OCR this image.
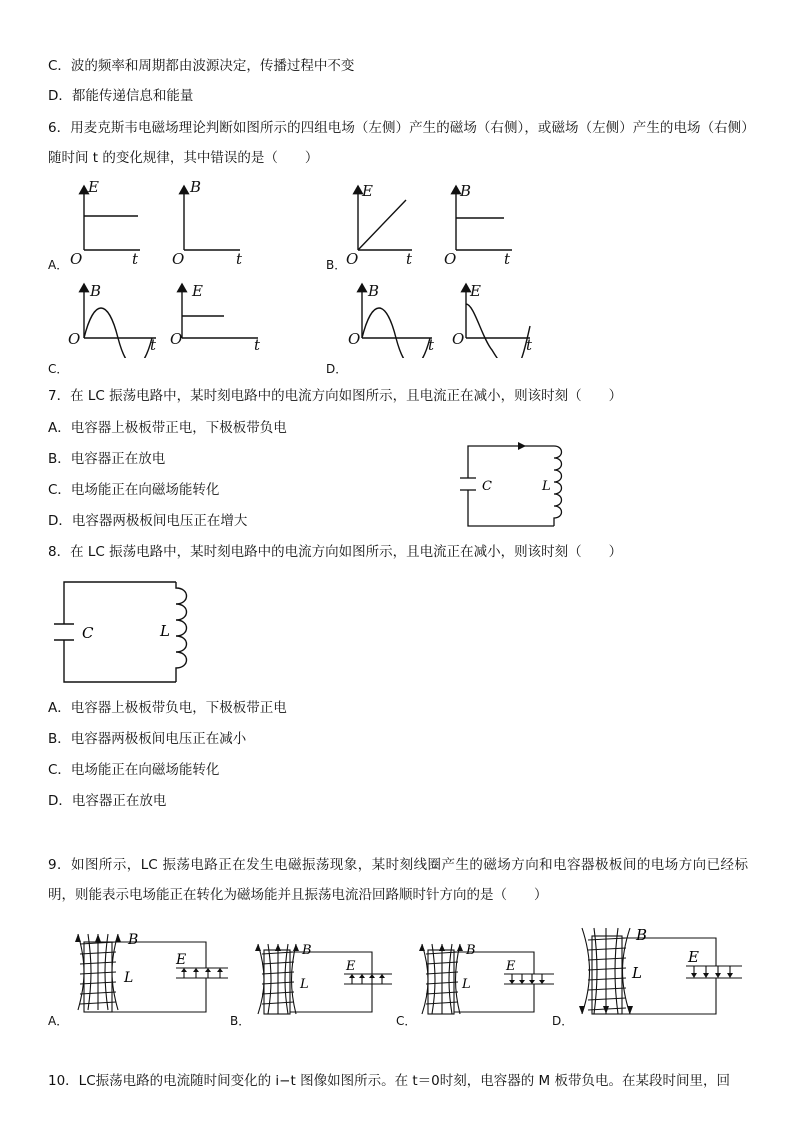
C．波的频率和周期都由波源决定，传播过程中不变
D．都能传递信息和能量
6．用麦克斯韦电磁场理论判断如图所示的四组电场（左侧）产生的磁场（右侧），或磁场（左侧）产生的电场（右侧）随时间 t 的变化规律，其中错误的是（　　）
A．	B．
C．	D．
E
O	t
B
O	t
E
O	t
B
O	t
B
O	t
E
O	t
B
O	t
E
O	t
7．在 LC 振荡电路中，某时刻电路中的电流方向如图所示，且电流正在减小，则该时刻（　　）
A．电容器上极板带正电，下极板带负电
B．电容器正在放电
C．电场能正在向磁场能转化
D．电容器两极板间电压正在增大
C	L
8．在 LC 振荡电路中，某时刻电路中的电流方向如图所示，且电流正在减小，则该时刻（　　）
C	L
A．电容器上极板带负电，下极板带正电
B．电容器两极板间电压正在减小
C．电场能正在向磁场能转化
D．电容器正在放电
9．如图所示，LC 振荡电路正在发生电磁振荡现象，某时刻线圈产生的磁场方向和电容器极板间的电场方向已经标明，则能表示电场能正在转化为磁场能并且振荡电流沿回路顺时针方向的是（　　）
A．	B．	C．	D．
B
L
E
B
L
E
B
L
E
B
L
E
10．LC振荡电路的电流随时间变化的 i−t 图像如图所示。在 t＝0时刻，电容器的 M 板带负电。在某段时间里，回
